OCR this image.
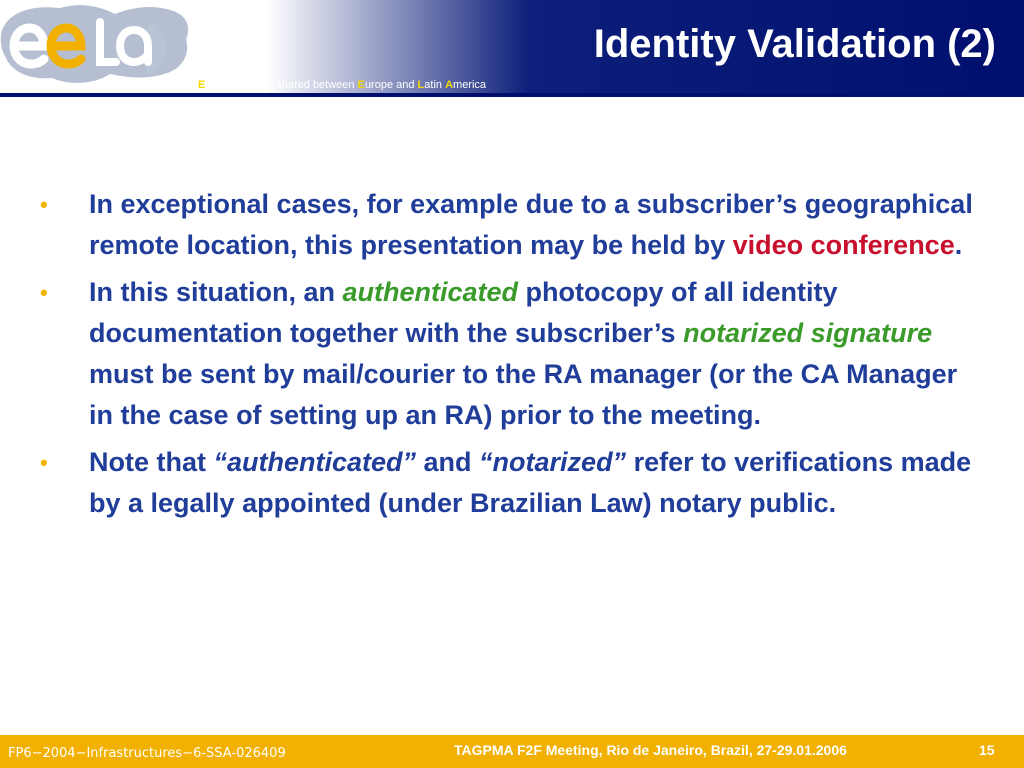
Identity Validation (2)
E-infrastructure shared between Europe and Latin America
• In exceptional cases, for example due to a subscriber’s geographical remote location, this presentation may be held by video conference.
• In this situation, an authenticated photocopy of all identity documentation together with the subscriber’s notarized signature must be sent by mail/courier to the RA manager (or the CA Manager in the case of setting up an RA) prior to the meeting.
• Note that “authenticated” and “notarized” refer to verifications made by a legally appointed (under Brazilian Law) notary public.
FP6−2004−Infrastructures−6-SSA-026409	TAGPMA F2F Meeting, Rio de Janeiro, Brazil, 27-29.01.2006	15
